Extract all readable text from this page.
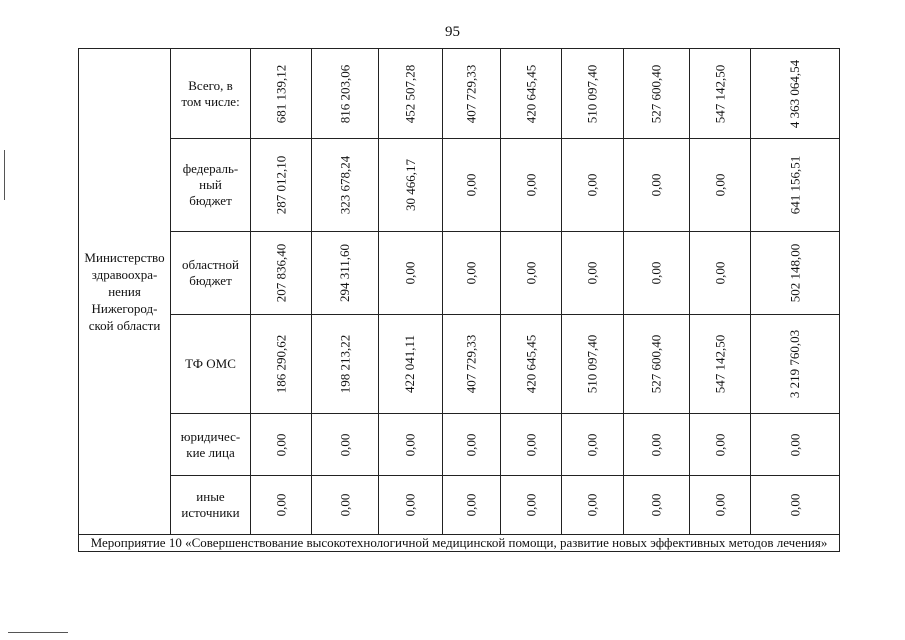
95
Министерство
здравоохра-
нения
Нижегород-
ской области
Мероприятие 10 «Совершенствование высокотехнологичной медицинской помощи, развитие новых эффективных методов лечения»
Всего, в
том числе:	681 139,12	816 203,06	452 507,28	407 729,33	420 645,45	510 097,40	527 600,40	547 142,50	4 363 064,54
федераль-
ный
бюджет	287 012,10	323 678,24	30 466,17	0,00	0,00	0,00	0,00	0,00	641 156,51
областной
бюджет	207 836,40	294 311,60	0,00	0,00	0,00	0,00	0,00	0,00	502 148,00
ТФ ОМС	186 290,62	198 213,22	422 041,11	407 729,33	420 645,45	510 097,40	527 600,40	547 142,50	3 219 760,03
юридичес-
кие лица	0,00	0,00	0,00	0,00	0,00	0,00	0,00	0,00	0,00
иные
источники	0,00	0,00	0,00	0,00	0,00	0,00	0,00	0,00	0,00
